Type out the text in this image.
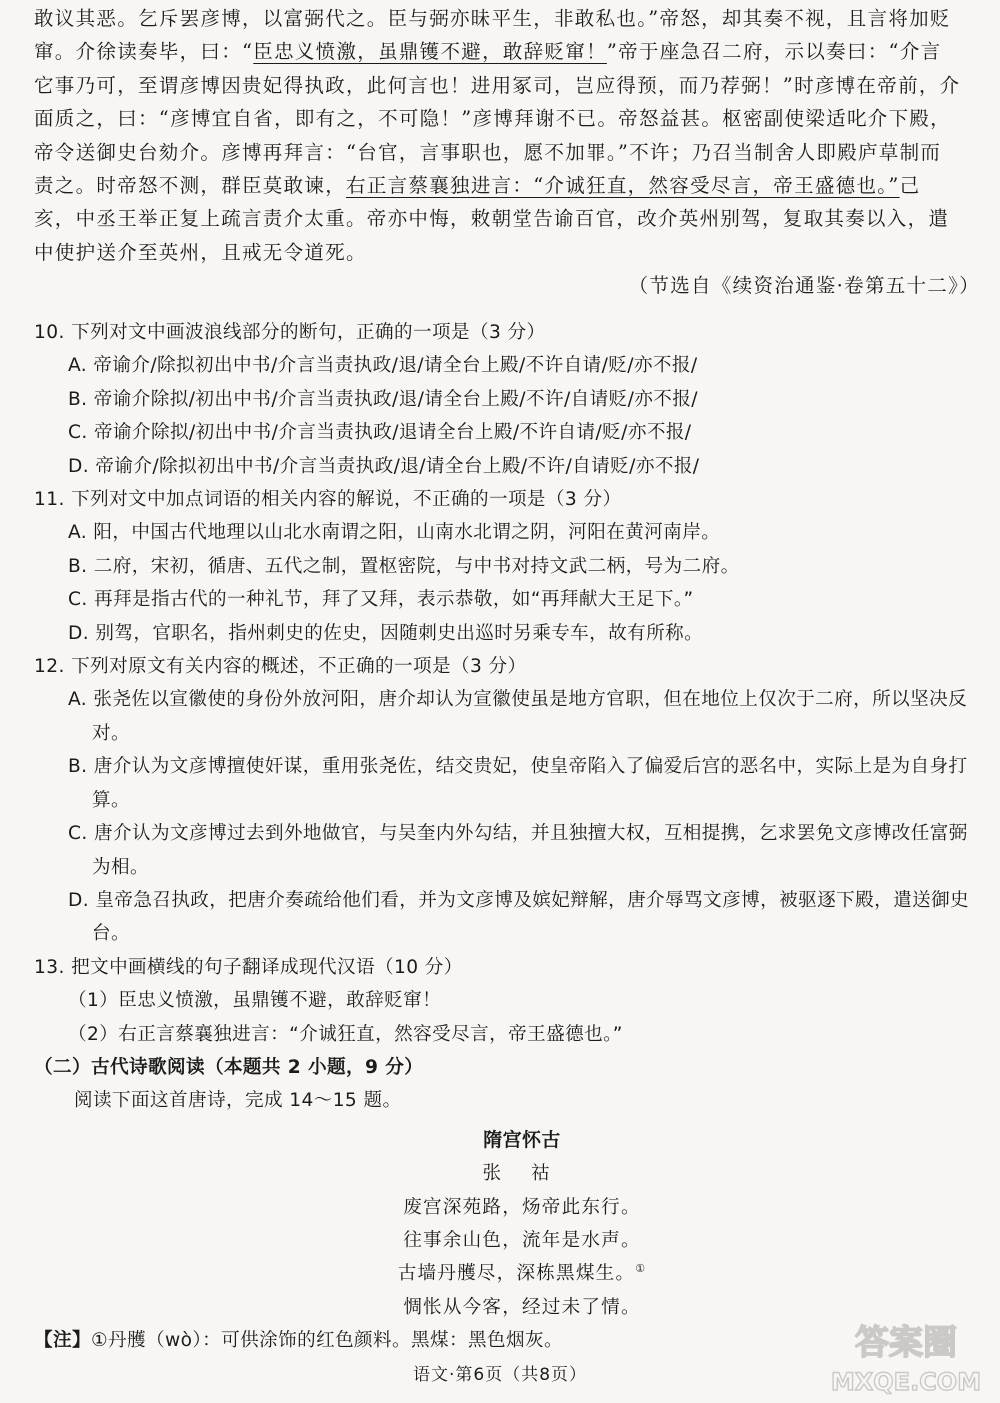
敢议其恶。乞斥罢彦博，以富弼代之。臣与弼亦昧平生，非敢私也。”帝怒，却其奏不视，且言将加贬

窜。介徐读奏毕，曰：“臣忠义愤激，虽鼎镬不避，敢辞贬窜！”帝于座急召二府，示以奏曰：“介言

它事乃可，至谓彦博因贵妃得执政，此何言也！进用冢司，岂应得预，而乃荐弼！”时彦博在帝前，介

面质之，曰：“彦博宜自省，即有之，不可隐！”彦博拜谢不已。帝怒益甚。枢密副使梁适叱介下殿，

帝令送御史台劾介。彦博再拜言：“台官，言事职也，愿不加罪。”不许；乃召当制舍人即殿庐草制而

责之。时帝怒不测，群臣莫敢谏，右正言蔡襄独进言：“介诚狂直，然容受尽言，帝王盛德也。”己

亥，中丞王举正复上疏言责介太重。帝亦中悔，敕朝堂告谕百官，改介英州别驾，复取其奏以入，遣

中使护送介至英州，且戒无令道死。

（节选自《续资治通鉴·卷第五十二》）

10. 下列对文中画波浪线部分的断句，正确的一项是（3 分）

A. 帝谕介/除拟初出中书/介言当责执政/退/请全台上殿/不许自请/贬/亦不报/

B. 帝谕介除拟/初出中书/介言当责执政/退/请全台上殿/不许/自请贬/亦不报/

C. 帝谕介除拟/初出中书/介言当责执政/退请全台上殿/不许自请/贬/亦不报/

D. 帝谕介/除拟初出中书/介言当责执政/退/请全台上殿/不许/自请贬/亦不报/

11. 下列对文中加点词语的相关内容的解说，不正确的一项是（3 分）

A. 阳，中国古代地理以山北水南谓之阳，山南水北谓之阴，河阳在黄河南岸。

B. 二府，宋初，循唐、五代之制，置枢密院，与中书对持文武二柄，号为二府。

C. 再拜是指古代的一种礼节，拜了又拜，表示恭敬，如“再拜献大王足下。”

D. 别驾，官职名，指州刺史的佐史，因随刺史出巡时另乘专车，故有所称。

12. 下列对原文有关内容的概述，不正确的一项是（3 分）

A. 张尧佐以宣徽使的身份外放河阳，唐介却认为宣徽使虽是地方官职，但在地位上仅次于二府，所以坚决反对。

B. 唐介认为文彦博擅使奸谋，重用张尧佐，结交贵妃，使皇帝陷入了偏爱后宫的恶名中，实际上是为自身打算。

C. 唐介认为文彦博过去到外地做官，与吴奎内外勾结，并且独擅大权，互相提携，乞求罢免文彦博改任富弼为相。

D. 皇帝急召执政，把唐介奏疏给他们看，并为文彦博及嫔妃辩解，唐介辱骂文彦博，被驱逐下殿，遣送御史台。

13. 把文中画横线的句子翻译成现代汉语（10 分）

（1）臣忠义愤激，虽鼎镬不避，敢辞贬窜！

（2）右正言蔡襄独进言：“介诚狂直，然容受尽言，帝王盛德也。”

（二）古代诗歌阅读（本题共 2 小题，9 分）

阅读下面这首唐诗，完成 14～15 题。

隋宫怀古
张 祜
废宫深苑路，炀帝此东行。
往事余山色，流年是水声。
古墙丹雘尽，深栋黑煤生。①
惆怅从今客，经过未了情。

【注】①丹雘（wò）：可供涂饰的红色颜料。黑煤：黑色烟灰。

语文·第6页（共8页）
答案圈
MXQE.COM
